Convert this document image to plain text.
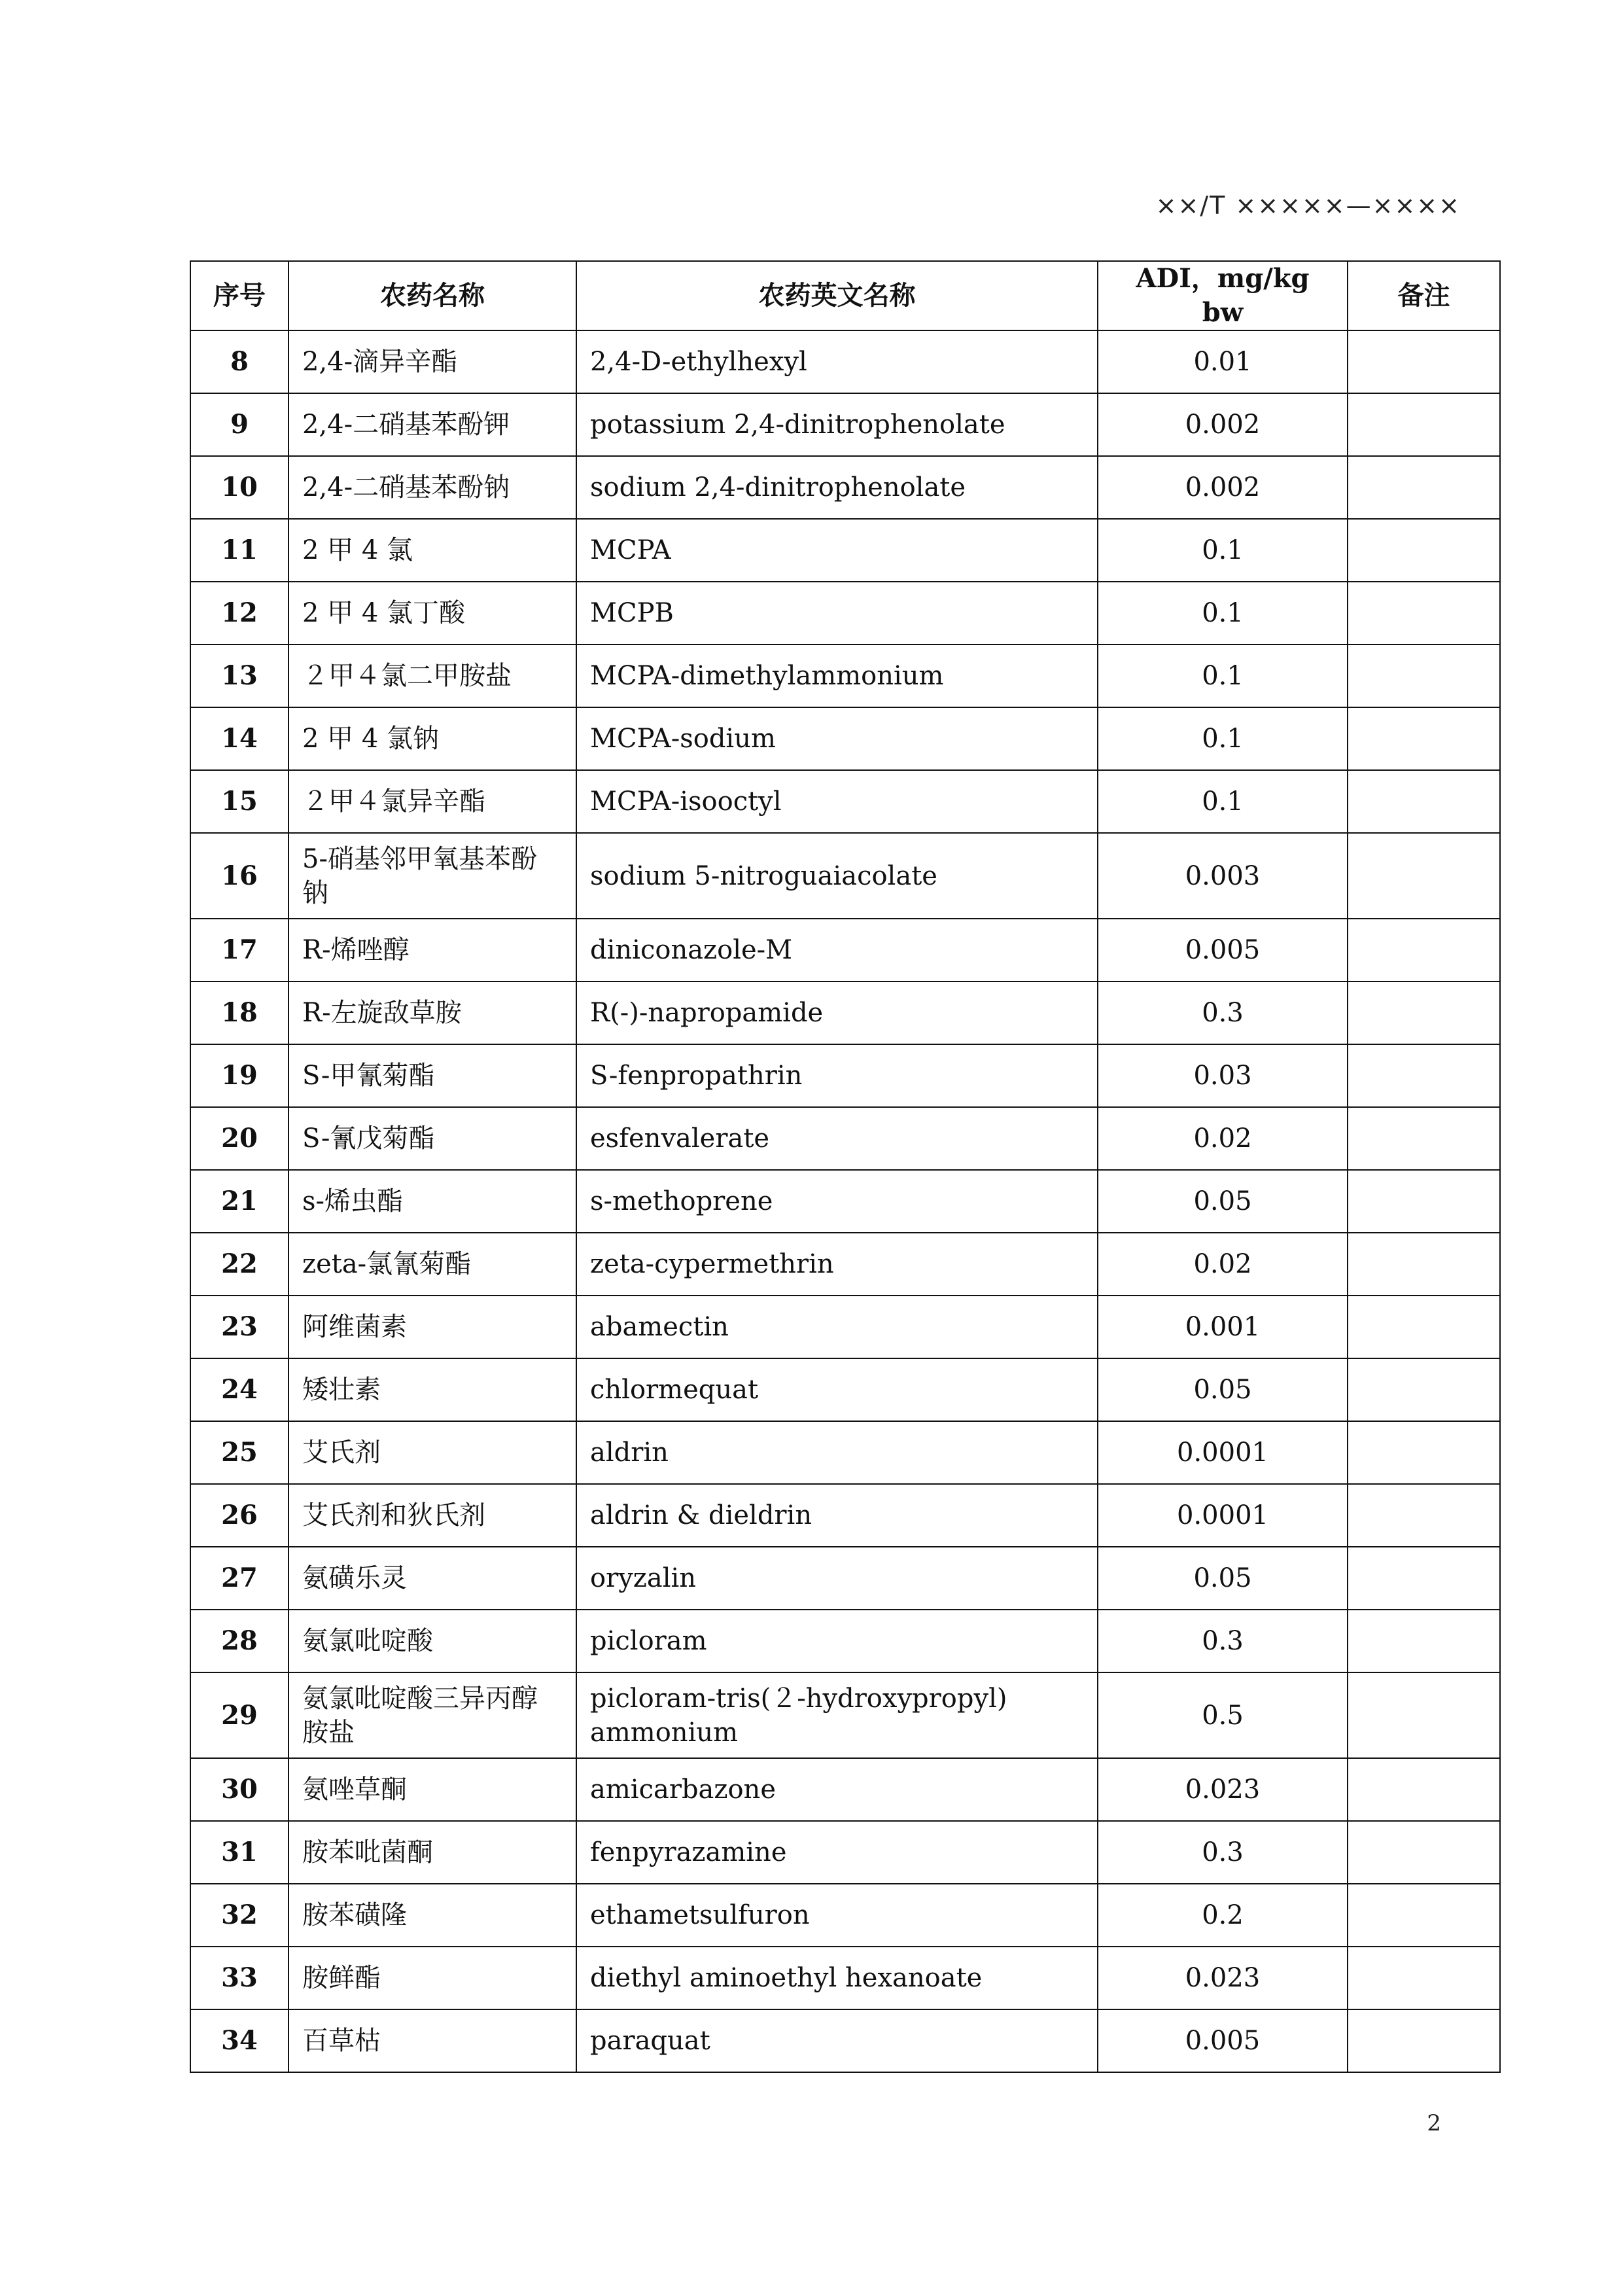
××/T ×××××—××××
序号	农药名称	农药英文名称	ADI，mg/kg bw	备注
8	2,4-滴异辛酯	2,4-D-ethylhexyl	0.01	
9	2,4-二硝基苯酚钾	potassium 2,4-dinitrophenolate	0.002	
10	2,4-二硝基苯酚钠	sodium 2,4-dinitrophenolate	0.002	
11	2 甲 4 氯	MCPA	0.1	
12	2 甲 4 氯丁酸	MCPB	0.1	
13	２甲４氯二甲胺盐	MCPA-dimethylammonium	0.1	
14	2 甲 4 氯钠	MCPA-sodium	0.1	
15	２甲４氯异辛酯	MCPA-isooctyl	0.1	
16	5-硝基邻甲氧基苯酚钠	sodium 5-nitroguaiacolate	0.003	
17	R-烯唑醇	diniconazole-M	0.005	
18	R-左旋敌草胺	R(-)-napropamide	0.3	
19	S-甲氰菊酯	S-fenpropathrin	0.03	
20	S-氰戊菊酯	esfenvalerate	0.02	
21	s-烯虫酯	s-methoprene	0.05	
22	zeta-氯氰菊酯	zeta-cypermethrin	0.02	
23	阿维菌素	abamectin	0.001	
24	矮壮素	chlormequat	0.05	
25	艾氏剂	aldrin	0.0001	
26	艾氏剂和狄氏剂	aldrin & dieldrin	0.0001	
27	氨磺乐灵	oryzalin	0.05	
28	氨氯吡啶酸	picloram	0.3	
29	氨氯吡啶酸三异丙醇胺盐	picloram-tris(２-hydroxypropyl) ammonium	0.5	
30	氨唑草酮	amicarbazone	0.023	
31	胺苯吡菌酮	fenpyrazamine	0.3	
32	胺苯磺隆	ethametsulfuron	0.2	
33	胺鲜酯	diethyl aminoethyl hexanoate	0.023	
34	百草枯	paraquat	0.005	
2
